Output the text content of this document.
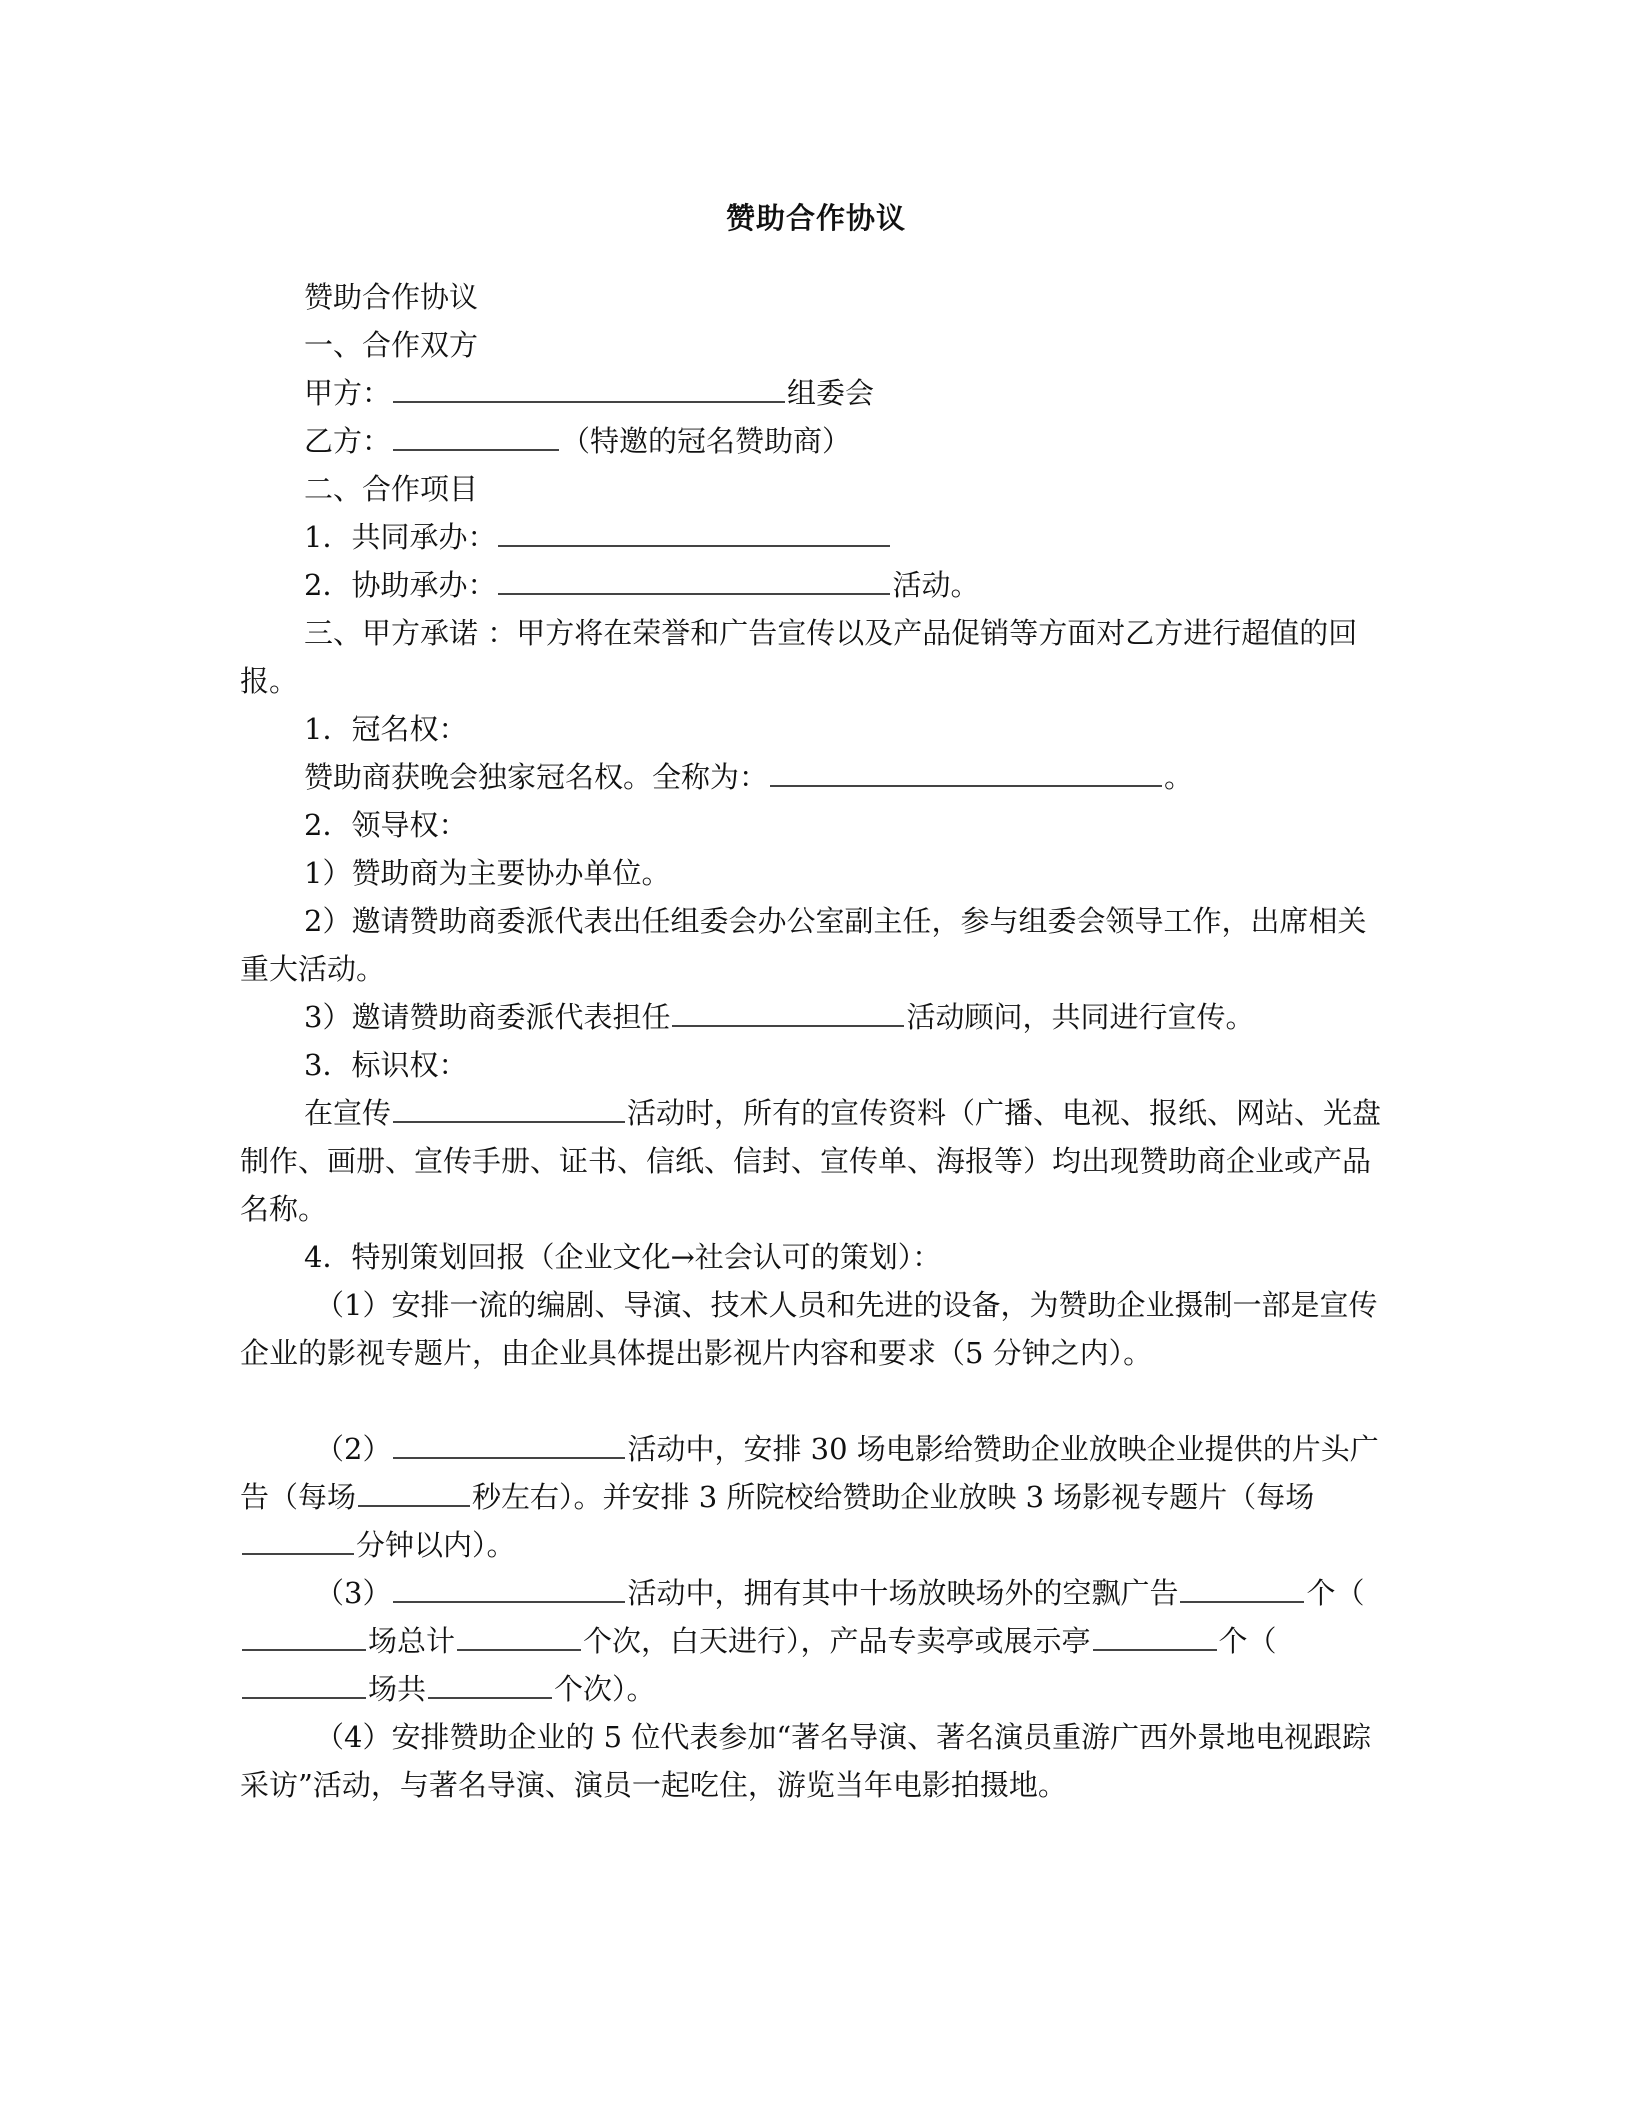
赞助合作协议

赞助合作协议

一、合作双方

甲方：	组委会

乙方：	（特邀的冠名赞助商）

二、合作项目

1．共同承办：

2．协助承办：	活动。

三、甲方承诺 ：甲方将在荣誉和广告宣传以及产品促销等方面对乙方进行超值的回报。

1．冠名权：

赞助商获晚会独家冠名权。全称为：	。

2．领导权：

1）赞助商为主要协办单位。

2）邀请赞助商委派代表出任组委会办公室副主任，参与组委会领导工作，出席相关重大活动。

3）邀请赞助商委派代表担任	活动顾问，共同进行宣传。

3．标识权：

在宣传	活动时，所有的宣传资料（广播、电视、报纸、网站、光盘制作、画册、宣传手册、证书、信纸、信封、宣传单、海报等）均出现赞助商企业或产品名称。

4．特别策划回报（企业文化→社会认可的策划）：

（1）安排一流的编剧、导演、技术人员和先进的设备，为赞助企业摄制一部是宣传企业的影视专题片，由企业具体提出影视片内容和要求（5 分钟之内）。

（2）	活动中，安排 30 场电影给赞助企业放映企业提供的片头广告（每场	秒左右）。并安排 3 所院校给赞助企业放映 3 场影视专题片（每场分钟以内）。

（3）	活动中，拥有其中十场放映场外的空飘广告	个（场总计	个次，白天进行），产品专卖亭或展示亭	个（场共	个次）。

（4）安排赞助企业的 5 位代表参加“著名导演、著名演员重游广西外景地电视跟踪采访”活动，与著名导演、演员一起吃住，游览当年电影拍摄地。
